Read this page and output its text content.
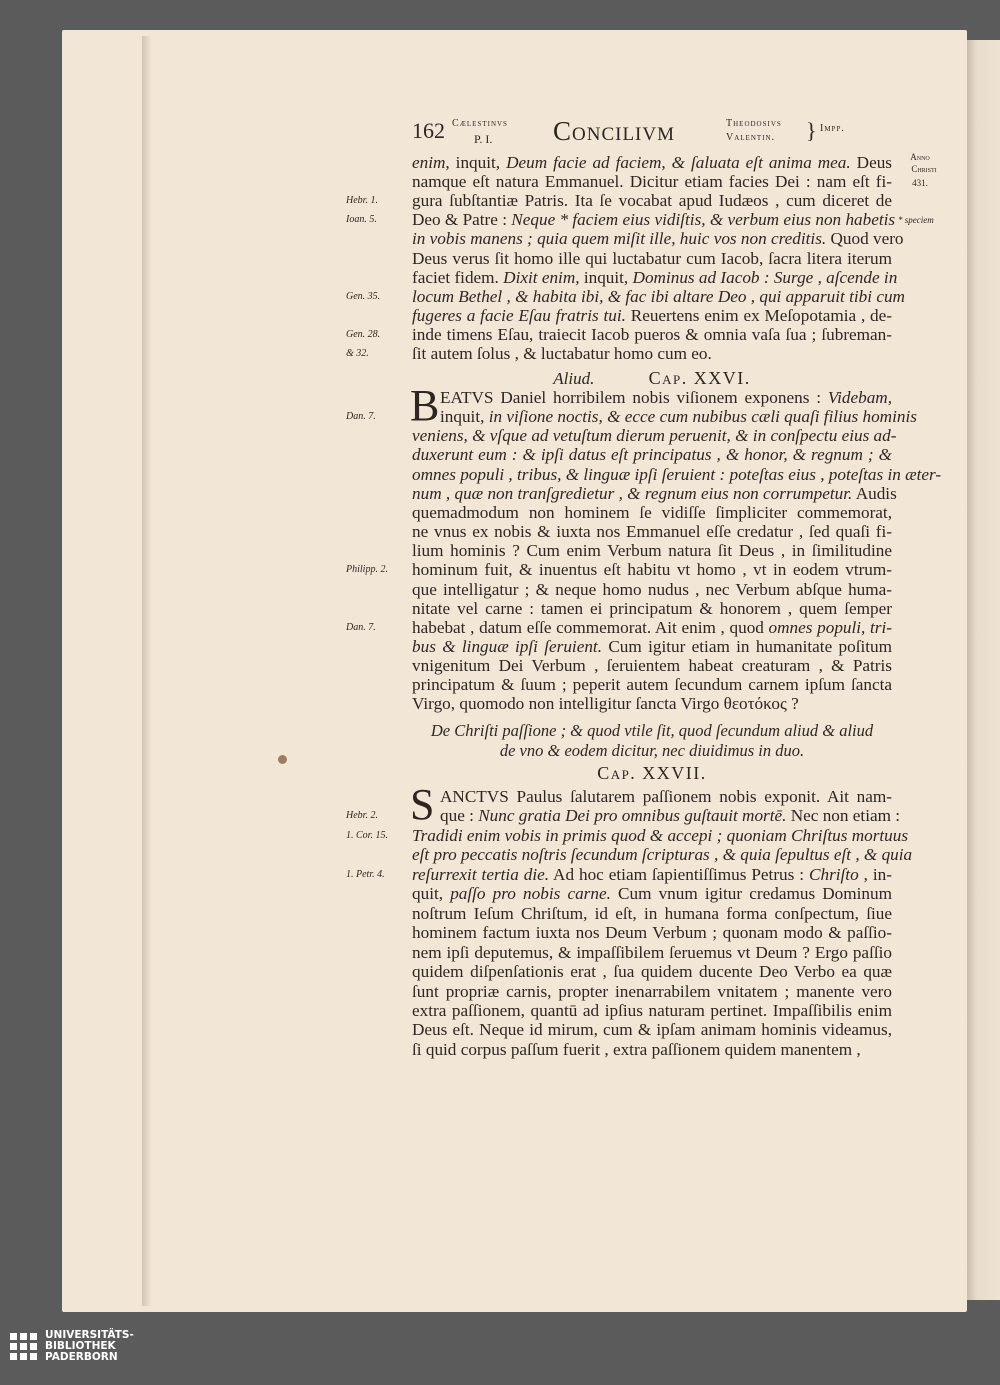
162 Cælestinvs
P. I. Concilivm	Theodosivs
Valentin. } Impp.
Anno
Christi
431.
* speciem
enim, inquit, Deum facie ad faciem, & ſaluata eſt anima mea. Deus
namque eſt natura Emmanuel. Dicitur etiam facies Dei : nam eſt fi-
gura ſubſtantiæ Patris. Ita ſe vocabat apud Iudæos , cum diceret de
Deo & Patre : Neque * faciem eius vidiſtis, & verbum eius non habetis
in vobis manens ; quia quem miſit ille, huic vos non creditis. Quod vero
Deus verus ſit homo ille qui luctabatur cum Iacob, ſacra litera iterum
faciet fidem. Dixit enim, inquit, Dominus ad Iacob : Surge , aſcende in
locum Bethel , & habita ibi, & fac ibi altare Deo , qui apparuit tibi cum
fugeres a facie Eſau fratris tui. Reuertens enim ex Meſopotamia , de-
inde timens Eſau, traiecit Iacob pueros & omnia vaſa ſua ; ſubreman-
ſit autem ſolus , & luctabatur homo cum eo.
Hebr. 1.
Ioan. 5.
Gen. 35.
Gen. 28.
& 32.
Aliud.	Cap. XXVI.
B EATVS Daniel horribilem nobis viſionem exponens : Videbam,
inquit, in viſione noctis, & ecce cum nubibus cæli quaſi filius hominis
veniens, & vſque ad vetuſtum dierum peruenit, & in conſpectu eius ad-
duxerunt eum : & ipſi datus eſt principatus , & honor, & regnum ; &
omnes populi , tribus, & linguæ ipſi ſeruient : poteſtas eius , poteſtas in æter-
num , quæ non tranſgredietur , & regnum eius non corrumpetur. Audis
quemadmodum non hominem ſe vidiſſe ſimpliciter commemorat,
ne vnus ex nobis & iuxta nos Emmanuel eſſe credatur , ſed quaſi fi-
lium hominis ? Cum enim Verbum natura ſit Deus , in ſimilitudine
hominum fuit, & inuentus eſt habitu vt homo , vt in eodem vtrum-
que intelligatur ; & neque homo nudus , nec Verbum abſque huma-
nitate vel carne : tamen ei principatum & honorem , quem ſemper
habebat , datum eſſe commemorat. Ait enim , quod omnes populi, tri-
bus & linguæ ipſi ſeruient. Cum igitur etiam in humanitate poſitum
vnigenitum Dei Verbum , ſeruientem habeat creaturam , & Patris
principatum & ſuum ; peperit autem ſecundum carnem ipſum ſancta
Virgo, quomodo non intelligitur ſancta Virgo θεοτόκος ?
Dan. 7.
Philipp. 2.
Dan. 7.
De Chriſti paſſione ; & quod vtile ſit, quod ſecundum aliud & aliud
de vno & eodem dicitur, nec diuidimus in duo.
Cap. XXVII.
S ANCTVS Paulus ſalutarem paſſionem nobis exponit. Ait nam-
que : Nunc gratia Dei pro omnibus guſtauit mortē. Nec non etiam :
Tradidi enim vobis in primis quod & accepi ; quoniam Chriſtus mortuus
eſt pro peccatis noſtris ſecundum ſcripturas , & quia ſepultus eſt , & quia
reſurrexit tertia die. Ad hoc etiam ſapientiſſimus Petrus : Chriſto , in-
quit, paſſo pro nobis carne. Cum vnum igitur credamus Dominum
noſtrum Ieſum Chriſtum, id eſt, in humana forma conſpectum, ſiue
hominem factum iuxta nos Deum Verbum ; quonam modo & paſſio-
nem ipſi deputemus, & impaſſibilem ſeruemus vt Deum ? Ergo paſſio
quidem diſpenſationis erat , ſua quidem ducente Deo Verbo ea quæ
ſunt propriæ carnis, propter inenarrabilem vnitatem ; manente vero
extra paſſionem, quantū ad ipſius naturam pertinet. Impaſſibilis enim
Deus eſt. Neque id mirum, cum & ipſam animam hominis videamus,
ſi quid corpus paſſum fuerit , extra paſſionem quidem manentem ,
Hebr. 2.
1. Cor. 15.
1. Petr. 4.
UNIVERSITÄTS-
BIBLIOTHEK
PADERBORN
